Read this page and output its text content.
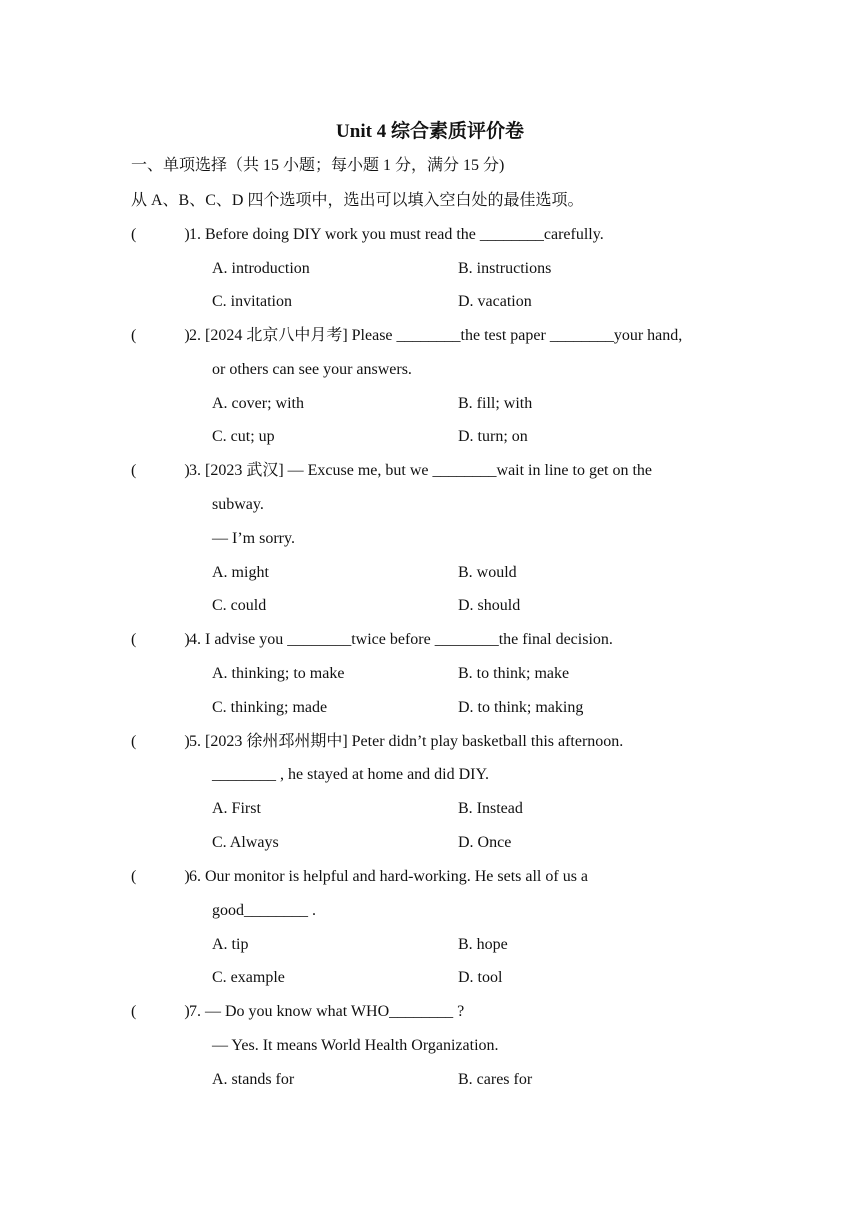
Unit 4 综合素质评价卷
一、单项选择（共 15 小题；每小题 1 分，满分 15 分)
从 A、B、C、D 四个选项中，选出可以填入空白处的最佳选项。
(            ) 1. Before doing DIY work you must read the ________carefully.
A. introduction	B. instructions
C. invitation	D. vacation
(            ) 2. [2024 北京八中月考] Please ________the test paper ________your hand,
or others can see your answers.
A. cover; with	B. fill; with
C. cut; up	D. turn; on
(            ) 3. [2023 武汉] — Excuse me, but we ________wait in line to get on the
subway.
— I’m sorry.
A. might	B. would
C. could	D. should
(            ) 4. I advise you ________twice before ________the final decision.
A. thinking; to make	B. to think; make
C. thinking; made	D. to think; making
(            ) 5. [2023 徐州邳州期中] Peter didn’t play basketball this afternoon.
________ , he stayed at home and did DIY.
A. First	B. Instead
C. Always	D. Once
(            ) 6. Our monitor is helpful and hard-working. He sets all of us a
good________ .
A. tip	B. hope
C. example	D. tool
(            ) 7. — Do you know what WHO________ ?
— Yes. It means World Health Organization.
A. stands for	B. cares for
